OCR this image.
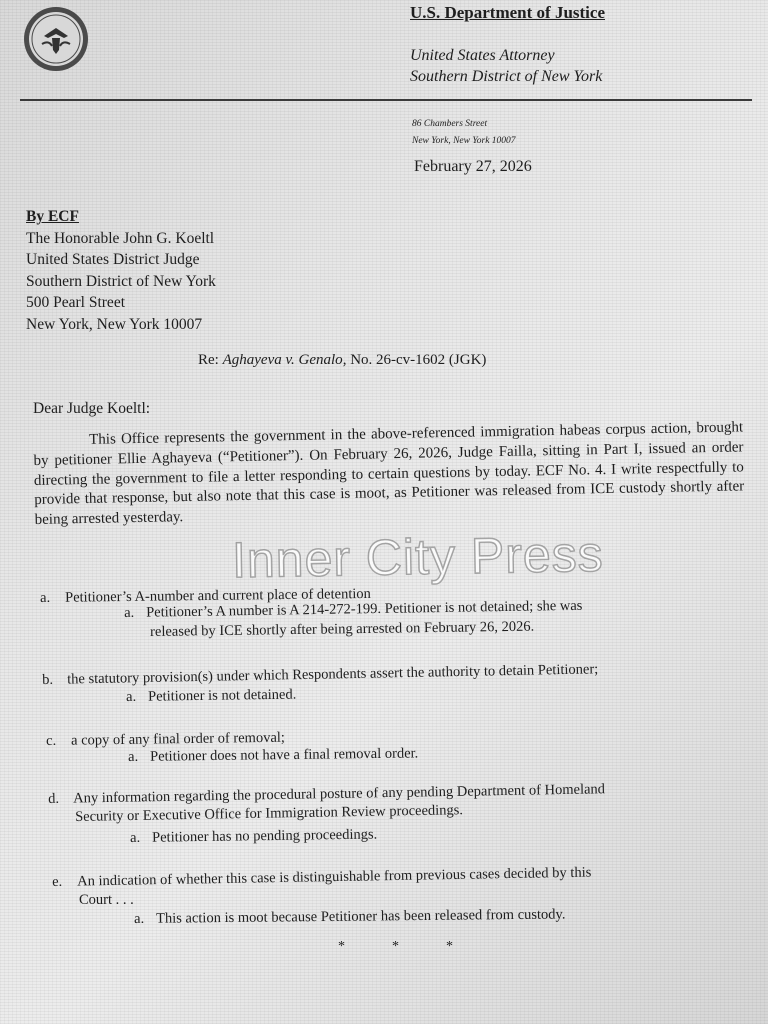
U.S. Department of Justice
United States Attorney
Southern District of New York
86 Chambers Street
New York, New York 10007
February 27, 2026
By ECF
The Honorable John G. Koeltl
United States District Judge
Southern District of New York
500 Pearl Street
New York, New York 10007
Re: Aghayeva v. Genalo, No. 26-cv-1602 (JGK)
Dear Judge Koeltl:
This Office represents the government in the above-referenced immigration habeas corpus action, brought by petitioner Ellie Aghayeva (“Petitioner”). On February 26, 2026, Judge Failla, sitting in Part I, issued an order directing the government to file a letter responding to certain questions by today. ECF No. 4. I write respectfully to provide that response, but also note that this case is moot, as Petitioner was released from ICE custody shortly after being arrested yesterday.
a. Petitioner’s A-number and current place of detention
a. Petitioner’s A number is A 214-272-199. Petitioner is not detained; she was
released by ICE shortly after being arrested on February 26, 2026.
b. the statutory provision(s) under which Respondents assert the authority to detain Petitioner;
a. Petitioner is not detained.
c. a copy of any final order of removal;
a. Petitioner does not have a final removal order.
d. Any information regarding the procedural posture of any pending Department of Homeland
Security or Executive Office for Immigration Review proceedings.
a. Petitioner has no pending proceedings.
e. An indication of whether this case is distinguishable from previous cases decided by this
Court . . .
a. This action is moot because Petitioner has been released from custody.
*	*	*
Inner City Press
